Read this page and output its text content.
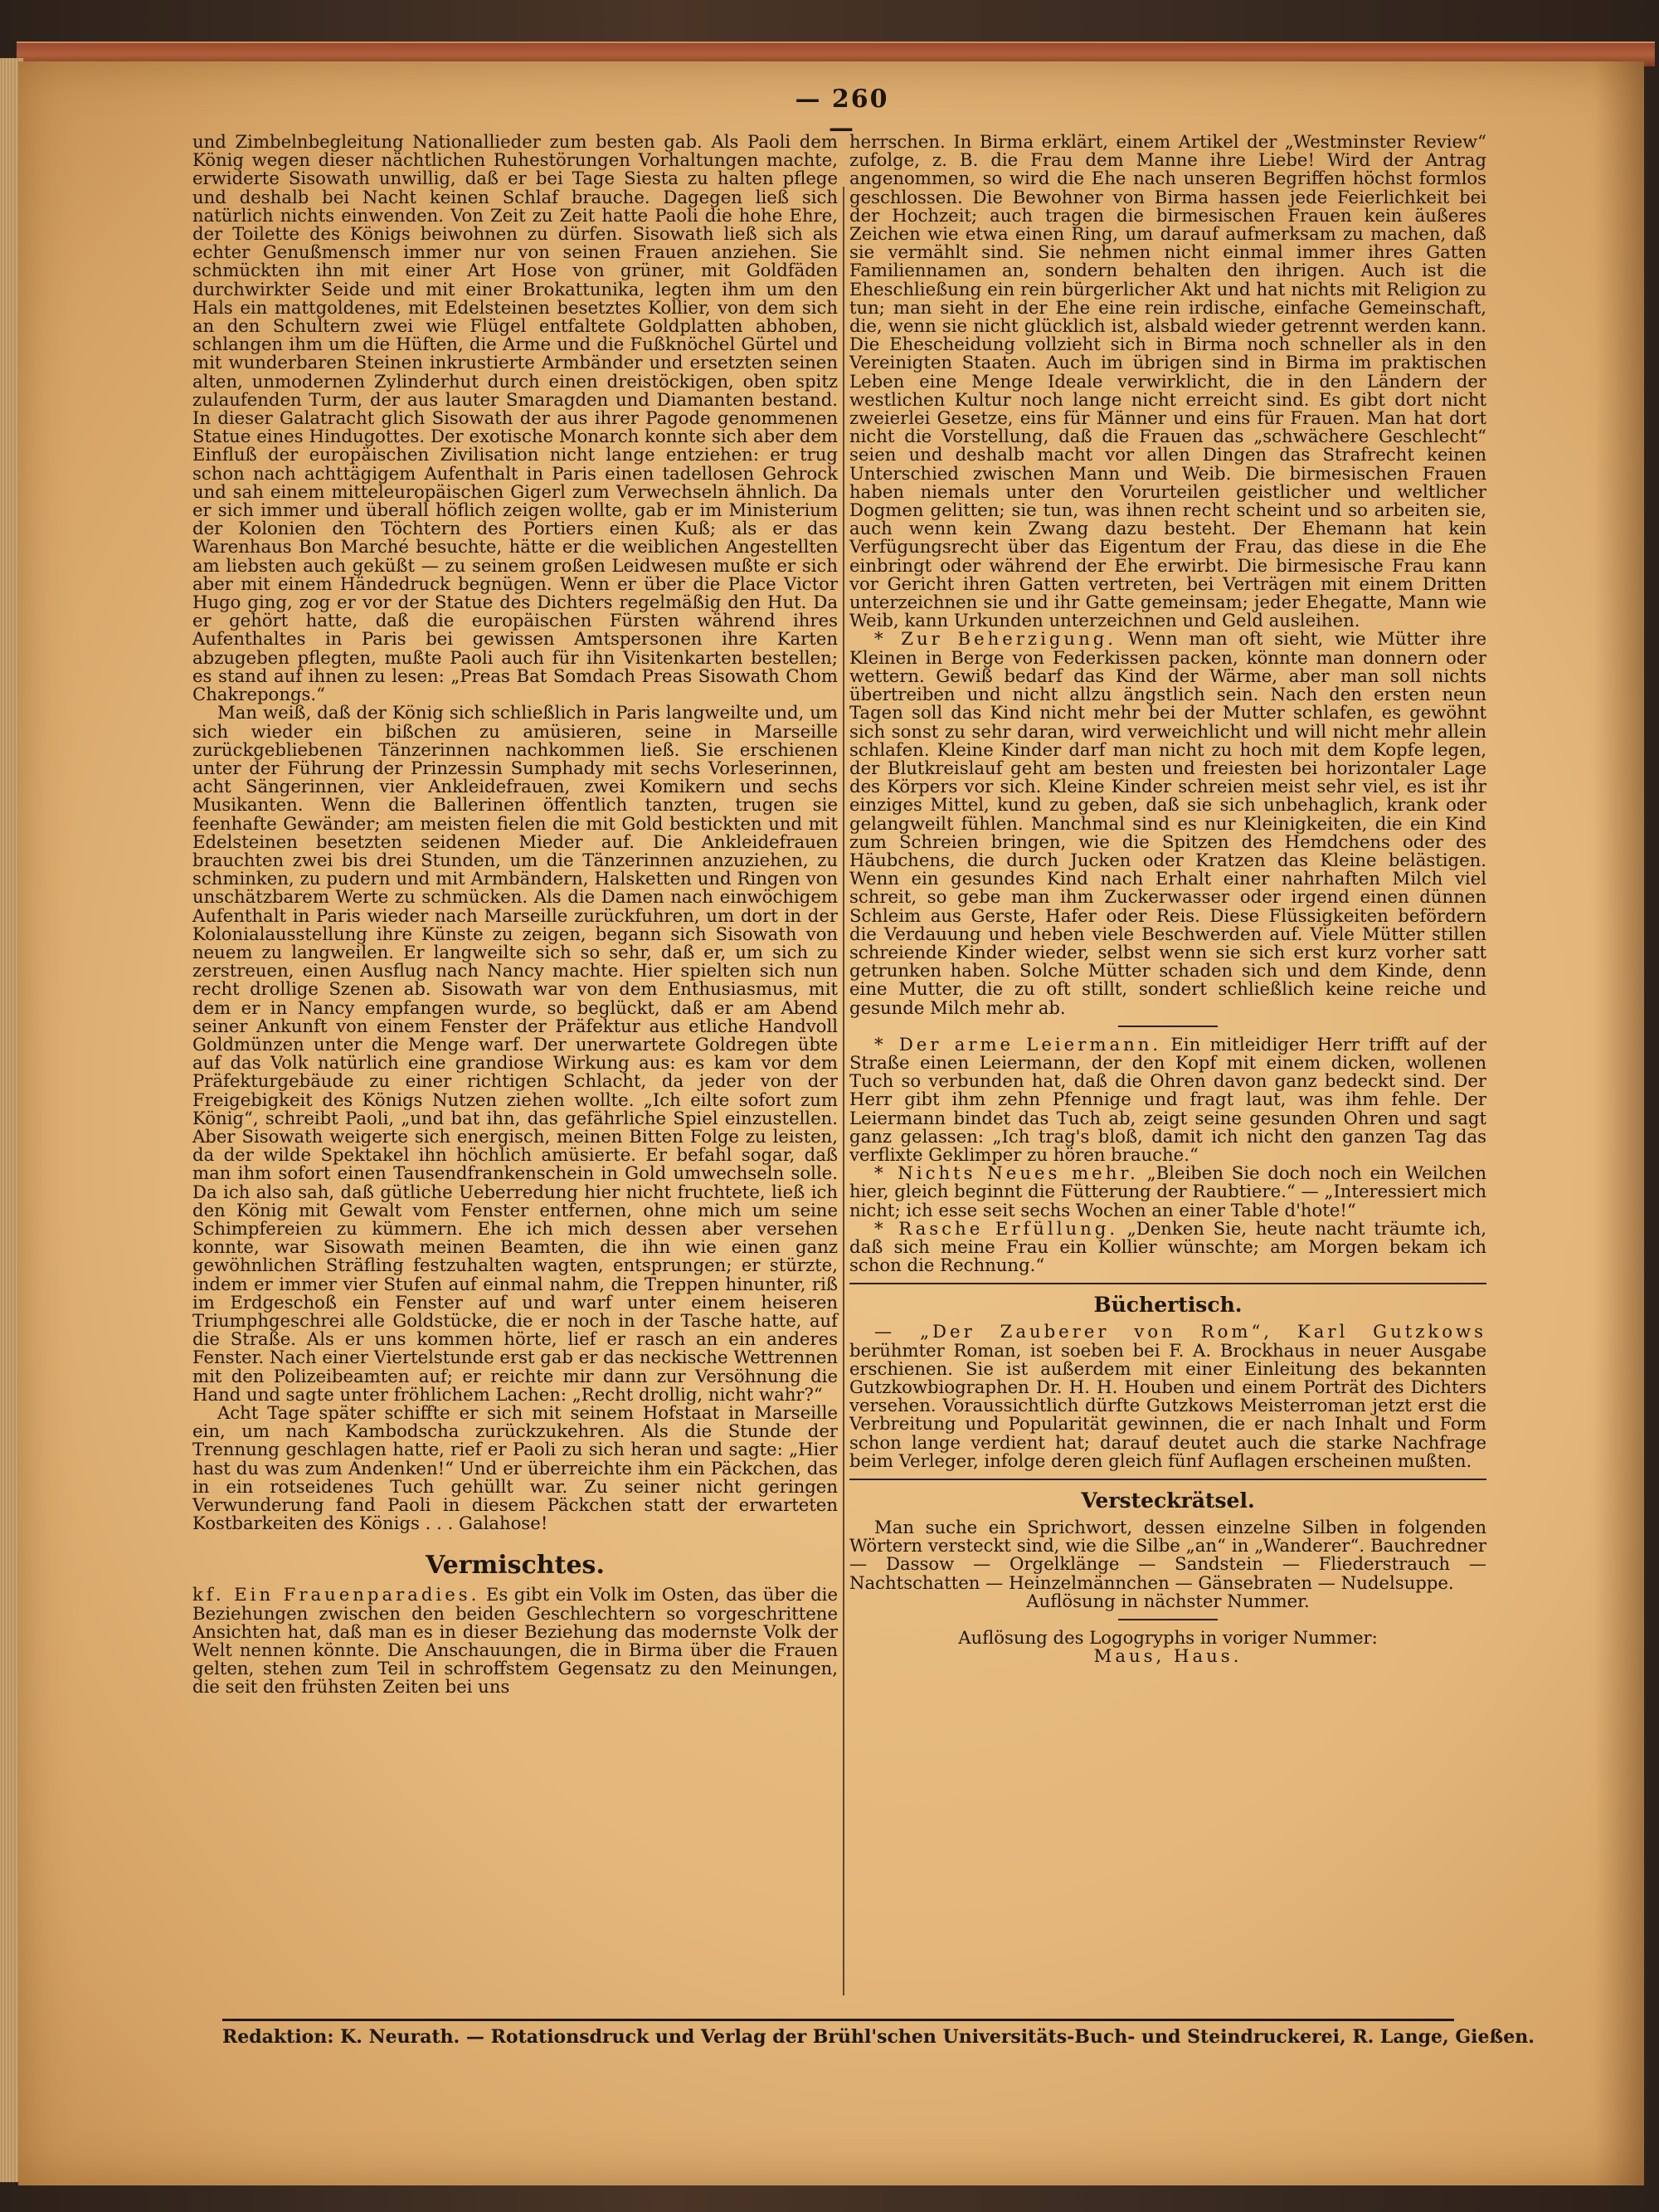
— 260 —

und Zimbelnbegleitung Nationallieder zum besten gab. Als Paoli dem König wegen dieser nächtlichen Ruhestörungen Vorhaltungen machte, erwiderte Sisowath unwillig, daß er bei Tage Siesta zu halten pflege und deshalb bei Nacht keinen Schlaf brauche. Dagegen ließ sich natürlich nichts einwenden. Von Zeit zu Zeit hatte Paoli die hohe Ehre, der Toilette des Königs beiwohnen zu dürfen. Sisowath ließ sich als echter Genußmensch immer nur von seinen Frauen anziehen. Sie schmückten ihn mit einer Art Hose von grüner, mit Goldfäden durchwirkter Seide und mit einer Brokattunika, legten ihm um den Hals ein mattgoldenes, mit Edelsteinen besetztes Kollier, von dem sich an den Schultern zwei wie Flügel entfaltete Goldplatten abhoben, schlangen ihm um die Hüften, die Arme und die Fußknöchel Gürtel und mit wunderbaren Steinen inkrustierte Armbänder und ersetzten seinen alten, unmodernen Zylinderhut durch einen dreistöckigen, oben spitz zulaufenden Turm, der aus lauter Smaragden und Diamanten bestand. In dieser Galatracht glich Sisowath der aus ihrer Pagode genommenen Statue eines Hindugottes. Der exotische Monarch konnte sich aber dem Einfluß der europäischen Zivilisation nicht lange entziehen: er trug schon nach achttägigem Aufenthalt in Paris einen tadellosen Gehrock und sah einem mitteleuropäischen Gigerl zum Verwechseln ähnlich. Da er sich immer und überall höflich zeigen wollte, gab er im Ministerium der Kolonien den Töchtern des Portiers einen Kuß; als er das Warenhaus Bon Marché besuchte, hätte er die weiblichen Angestellten am liebsten auch geküßt — zu seinem großen Leidwesen mußte er sich aber mit einem Händedruck begnügen. Wenn er über die Place Victor Hugo ging, zog er vor der Statue des Dichters regelmäßig den Hut. Da er gehört hatte, daß die europäischen Fürsten während ihres Aufenthaltes in Paris bei gewissen Amtspersonen ihre Karten abzugeben pflegten, mußte Paoli auch für ihn Visitenkarten bestellen; es stand auf ihnen zu lesen: „Preas Bat Somdach Preas Sisowath Chom Chakrepongs.“

Man weiß, daß der König sich schließlich in Paris langweilte und, um sich wieder ein bißchen zu amüsieren, seine in Marseille zurückgebliebenen Tänzerinnen nachkommen ließ. Sie erschienen unter der Führung der Prinzessin Sumphady mit sechs Vorleserinnen, acht Sängerinnen, vier Ankleidefrauen, zwei Komikern und sechs Musikanten. Wenn die Ballerinen öffentlich tanzten, trugen sie feenhafte Gewänder; am meisten fielen die mit Gold bestickten und mit Edelsteinen besetzten seidenen Mieder auf. Die Ankleidefrauen brauchten zwei bis drei Stunden, um die Tänzerinnen anzuziehen, zu schminken, zu pudern und mit Armbändern, Halsketten und Ringen von unschätzbarem Werte zu schmücken. Als die Damen nach einwöchigem Aufenthalt in Paris wieder nach Marseille zurückfuhren, um dort in der Kolonialausstellung ihre Künste zu zeigen, begann sich Sisowath von neuem zu langweilen. Er langweilte sich so sehr, daß er, um sich zu zerstreuen, einen Ausflug nach Nancy machte. Hier spielten sich nun recht drollige Szenen ab. Sisowath war von dem Enthusiasmus, mit dem er in Nancy empfangen wurde, so beglückt, daß er am Abend seiner Ankunft von einem Fenster der Präfektur aus etliche Handvoll Goldmünzen unter die Menge warf. Der unerwartete Goldregen übte auf das Volk natürlich eine grandiose Wirkung aus: es kam vor dem Präfekturgebäude zu einer richtigen Schlacht, da jeder von der Freigebigkeit des Königs Nutzen ziehen wollte. „Ich eilte sofort zum König“, schreibt Paoli, „und bat ihn, das gefährliche Spiel einzustellen. Aber Sisowath weigerte sich energisch, meinen Bitten Folge zu leisten, da der wilde Spektakel ihn höchlich amüsierte. Er befahl sogar, daß man ihm sofort einen Tausendfrankenschein in Gold umwechseln solle. Da ich also sah, daß gütliche Ueberredung hier nicht fruchtete, ließ ich den König mit Gewalt vom Fenster entfernen, ohne mich um seine Schimpfereien zu kümmern. Ehe ich mich dessen aber versehen konnte, war Sisowath meinen Beamten, die ihn wie einen ganz gewöhnlichen Sträfling festzuhalten wagten, entsprungen; er stürzte, indem er immer vier Stufen auf einmal nahm, die Treppen hinunter, riß im Erdgeschoß ein Fenster auf und warf unter einem heiseren Triumphgeschrei alle Goldstücke, die er noch in der Tasche hatte, auf die Straße. Als er uns kommen hörte, lief er rasch an ein anderes Fenster. Nach einer Viertelstunde erst gab er das neckische Wettrennen mit den Polizeibeamten auf; er reichte mir dann zur Versöhnung die Hand und sagte unter fröhlichem Lachen: „Recht drollig, nicht wahr?“

Acht Tage später schiffte er sich mit seinem Hofstaat in Marseille ein, um nach Kambodscha zurückzukehren. Als die Stunde der Trennung geschlagen hatte, rief er Paoli zu sich heran und sagte: „Hier hast du was zum Andenken!“ Und er überreichte ihm ein Päckchen, das in ein rotseidenes Tuch gehüllt war. Zu seiner nicht geringen Verwunderung fand Paoli in diesem Päckchen statt der erwarteten Kostbarkeiten des Königs . . . Galahose!

Vermischtes.

kf. Ein Frauenparadies. Es gibt ein Volk im Osten, das über die Beziehungen zwischen den beiden Geschlechtern so vorgeschrittene Ansichten hat, daß man es in dieser Beziehung das modernste Volk der Welt nennen könnte. Die Anschauungen, die in Birma über die Frauen gelten, stehen zum Teil in schroffstem Gegensatz zu den Meinungen, die seit den frühsten Zeiten bei uns

herrschen. In Birma erklärt, einem Artikel der „Westminster Review“ zufolge, z. B. die Frau dem Manne ihre Liebe! Wird der Antrag angenommen, so wird die Ehe nach unseren Begriffen höchst formlos geschlossen. Die Bewohner von Birma hassen jede Feierlichkeit bei der Hochzeit; auch tragen die birmesischen Frauen kein äußeres Zeichen wie etwa einen Ring, um darauf aufmerksam zu machen, daß sie vermählt sind. Sie nehmen nicht einmal immer ihres Gatten Familiennamen an, sondern behalten den ihrigen. Auch ist die Eheschließung ein rein bürgerlicher Akt und hat nichts mit Religion zu tun; man sieht in der Ehe eine rein irdische, einfache Gemeinschaft, die, wenn sie nicht glücklich ist, alsbald wieder getrennt werden kann. Die Ehescheidung vollzieht sich in Birma noch schneller als in den Vereinigten Staaten. Auch im übrigen sind in Birma im praktischen Leben eine Menge Ideale verwirklicht, die in den Ländern der westlichen Kultur noch lange nicht erreicht sind. Es gibt dort nicht zweierlei Gesetze, eins für Männer und eins für Frauen. Man hat dort nicht die Vorstellung, daß die Frauen das „schwächere Geschlecht“ seien und deshalb macht vor allen Dingen das Strafrecht keinen Unterschied zwischen Mann und Weib. Die birmesischen Frauen haben niemals unter den Vorurteilen geistlicher und weltlicher Dogmen gelitten; sie tun, was ihnen recht scheint und so arbeiten sie, auch wenn kein Zwang dazu besteht. Der Ehemann hat kein Verfügungsrecht über das Eigentum der Frau, das diese in die Ehe einbringt oder während der Ehe erwirbt. Die birmesische Frau kann vor Gericht ihren Gatten vertreten, bei Verträgen mit einem Dritten unterzeichnen sie und ihr Gatte gemeinsam; jeder Ehegatte, Mann wie Weib, kann Urkunden unterzeichnen und Geld ausleihen.

* Zur Beherzigung. Wenn man oft sieht, wie Mütter ihre Kleinen in Berge von Federkissen packen, könnte man donnern oder wettern. Gewiß bedarf das Kind der Wärme, aber man soll nichts übertreiben und nicht allzu ängstlich sein. Nach den ersten neun Tagen soll das Kind nicht mehr bei der Mutter schlafen, es gewöhnt sich sonst zu sehr daran, wird verweichlicht und will nicht mehr allein schlafen. Kleine Kinder darf man nicht zu hoch mit dem Kopfe legen, der Blutkreislauf geht am besten und freiesten bei horizontaler Lage des Körpers vor sich. Kleine Kinder schreien meist sehr viel, es ist ihr einziges Mittel, kund zu geben, daß sie sich unbehaglich, krank oder gelangweilt fühlen. Manchmal sind es nur Kleinigkeiten, die ein Kind zum Schreien bringen, wie die Spitzen des Hemdchens oder des Häubchens, die durch Jucken oder Kratzen das Kleine belästigen. Wenn ein gesundes Kind nach Erhalt einer nahrhaften Milch viel schreit, so gebe man ihm Zuckerwasser oder irgend einen dünnen Schleim aus Gerste, Hafer oder Reis. Diese Flüssigkeiten befördern die Verdauung und heben viele Beschwerden auf. Viele Mütter stillen schreiende Kinder wieder, selbst wenn sie sich erst kurz vorher satt getrunken haben. Solche Mütter schaden sich und dem Kinde, denn eine Mutter, die zu oft stillt, sondert schließlich keine reiche und gesunde Milch mehr ab.

* Der arme Leiermann. Ein mitleidiger Herr trifft auf der Straße einen Leiermann, der den Kopf mit einem dicken, wollenen Tuch so verbunden hat, daß die Ohren davon ganz bedeckt sind. Der Herr gibt ihm zehn Pfennige und fragt laut, was ihm fehle. Der Leiermann bindet das Tuch ab, zeigt seine gesunden Ohren und sagt ganz gelassen: „Ich trag's bloß, damit ich nicht den ganzen Tag das verflixte Geklimper zu hören brauche.“

* Nichts Neues mehr. „Bleiben Sie doch noch ein Weilchen hier, gleich beginnt die Fütterung der Raubtiere.“ — „Interessiert mich nicht; ich esse seit sechs Wochen an einer Table d'hote!“

* Rasche Erfüllung. „Denken Sie, heute nacht träumte ich, daß sich meine Frau ein Kollier wünschte; am Morgen bekam ich schon die Rechnung.“

Büchertisch.

— „Der Zauberer von Rom“, Karl Gutzkows berühmter Roman, ist soeben bei F. A. Brockhaus in neuer Ausgabe erschienen. Sie ist außerdem mit einer Einleitung des bekannten Gutzkowbiographen Dr. H. H. Houben und einem Porträt des Dichters versehen. Voraussichtlich dürfte Gutzkows Meisterroman jetzt erst die Verbreitung und Popularität gewinnen, die er nach Inhalt und Form schon lange verdient hat; darauf deutet auch die starke Nachfrage beim Verleger, infolge deren gleich fünf Auflagen erscheinen mußten.

Versteckrätsel.

Man suche ein Sprichwort, dessen einzelne Silben in folgenden Wörtern versteckt sind, wie die Silbe „an“ in „Wanderer“. Bauchredner — Dassow — Orgelklänge — Sandstein — Fliederstrauch — Nachtschatten — Heinzelmännchen — Gänsebraten — Nudelsuppe.

Auflösung in nächster Nummer.

Auflösung des Logogryphs in voriger Nummer:

Maus, Haus.

Redaktion: K. Neurath. — Rotationsdruck und Verlag der Brühl'schen Universitäts-Buch- und Steindruckerei, R. Lange, Gießen.
